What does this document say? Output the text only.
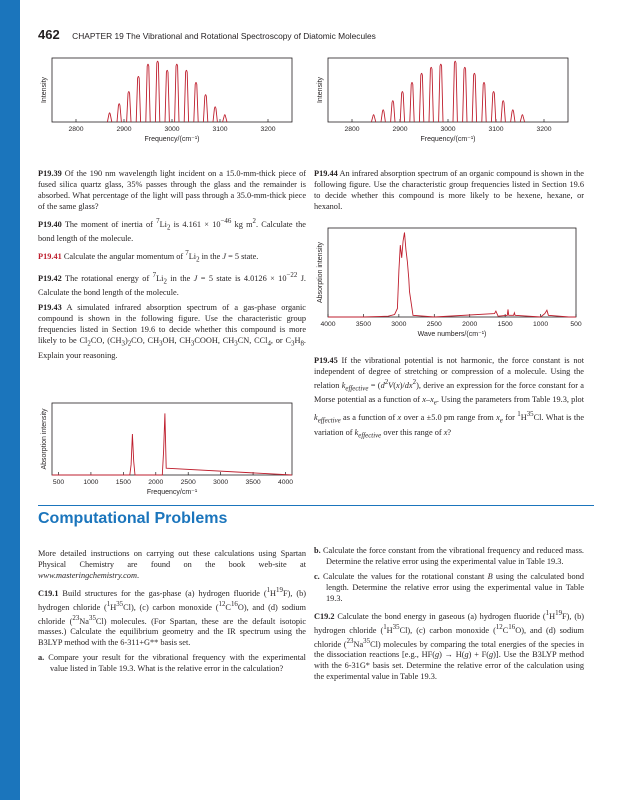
462 CHAPTER 19 The Vibrational and Rotational Spectroscopy of Diatomic Molecules
2800	2900	3000	3100	3200
Frequency/(cm⁻¹)
Intensity
2800	2900	3000	3100	3200
Frequency/(cm⁻¹)
Intensity

P19.39 Of the 190 nm wavelength light incident on a 15.0-mm-thick piece of fused silica quartz glass, 35% passes through the glass and the remainder is absorbed. What percentage of the light will pass through a 35.0-mm-thick piece of the same glass?

P19.40 The moment of inertia of $^7Li_2$ is $4.161 \times 10^{-46}$ kg $m^2$. Calculate the bond length of the molecule.

P19.41 Calculate the angular momentum of $^7Li_2$ in the J = 5 state.

P19.42 The rotational energy of $^7Li_2$ in the J = 5 state is $4.0126 \times 10^{-22}$ J. Calculate the bond length of the molecule.

P19.43 A simulated infrared absorption spectrum of a gas-phase organic compound is shown in the following figure. Use the characteristic group frequencies listed in Section 19.6 to decide whether this compound is more likely to be $Cl_2CO$, $(CH_3)_2CO$, $CH_3OH$, $CH_3COOH$, $CH_3CN$, CCl$_4$, or $C_3H_8$. Explain your reasoning.

500	1000	1500	2000	2500	3000	3500	4000
Frequency/cm⁻¹
Absorption intensity

P19.44 An infrared absorption spectrum of an organic compound is shown in the following figure. Use the characteristic group frequencies listed in Section 19.6 to decide whether this compound is more likely to be hexene, hexane, or hexanol.

4000	3500	3000	2500	2000	1500	1000	500
Wave numbers/(cm⁻¹)
Absorption intensity

P19.45 If the vibrational potential is not harmonic, the force constant is not independent of degree of stretching or compression of a molecule. Using the relation $k_{effective} = (d^2V(x)/dx^2)$, derive an expression for the force constant for a Morse potential as a function of $x-x_e$. Using the parameters from Table 19.3, plot $k_{effective}$ as a function of x over a ±5.0 pm range from $x_e$ for $^1H^{35}Cl$. What is the variation of $k_{effective}$ over this range of x?

Computational Problems

More detailed instructions on carrying out these calculations using Spartan Physical Chemistry are found on the book web-site at www.masteringchemistry.com.

C19.1 Build structures for the gas-phase (a) hydrogen fluoride $(^1H^{19}F)$, (b) hydrogen chloride $(^1H^{35}Cl)$, (c) carbon monoxide $(^{12}C^{16}O)$, and (d) sodium chloride ($^{23}$Na$^{35}$Cl) molecules. (For Spartan, these are the default isotopic masses.) Calculate the equilibrium geometry and the IR spectrum using the B3LYP method with the 6-311+G** basis set.

a. Compare your result for the vibrational frequency with the experimental value listed in Table 19.3. What is the relative error in the calculation?

b. Calculate the force constant from the vibrational frequency and reduced mass. Determine the relative error using the experimental value in Table 19.3.

c. Calculate the values for the rotational constant B using the calculated bond length. Determine the relative error using the experimental value in Table 19.3.

C19.2 Calculate the bond energy in gaseous (a) hydrogen fluoride $(^1H^{19}F)$, (b) hydrogen chloride $(^1H^{35}Cl)$, (c) carbon monoxide $(^{12}C^{16}O)$, and (d) sodium chloride ($^{23}$Na$^{35}$Cl) molecules by comparing the total energies of the species in the dissociation reactions [e.g., HF(g) → H(g) + F(g)]. Use the B3LYP method with the 6-31G* basis set. Determine the relative error of the calculation using the experimental value in Table 19.3.
